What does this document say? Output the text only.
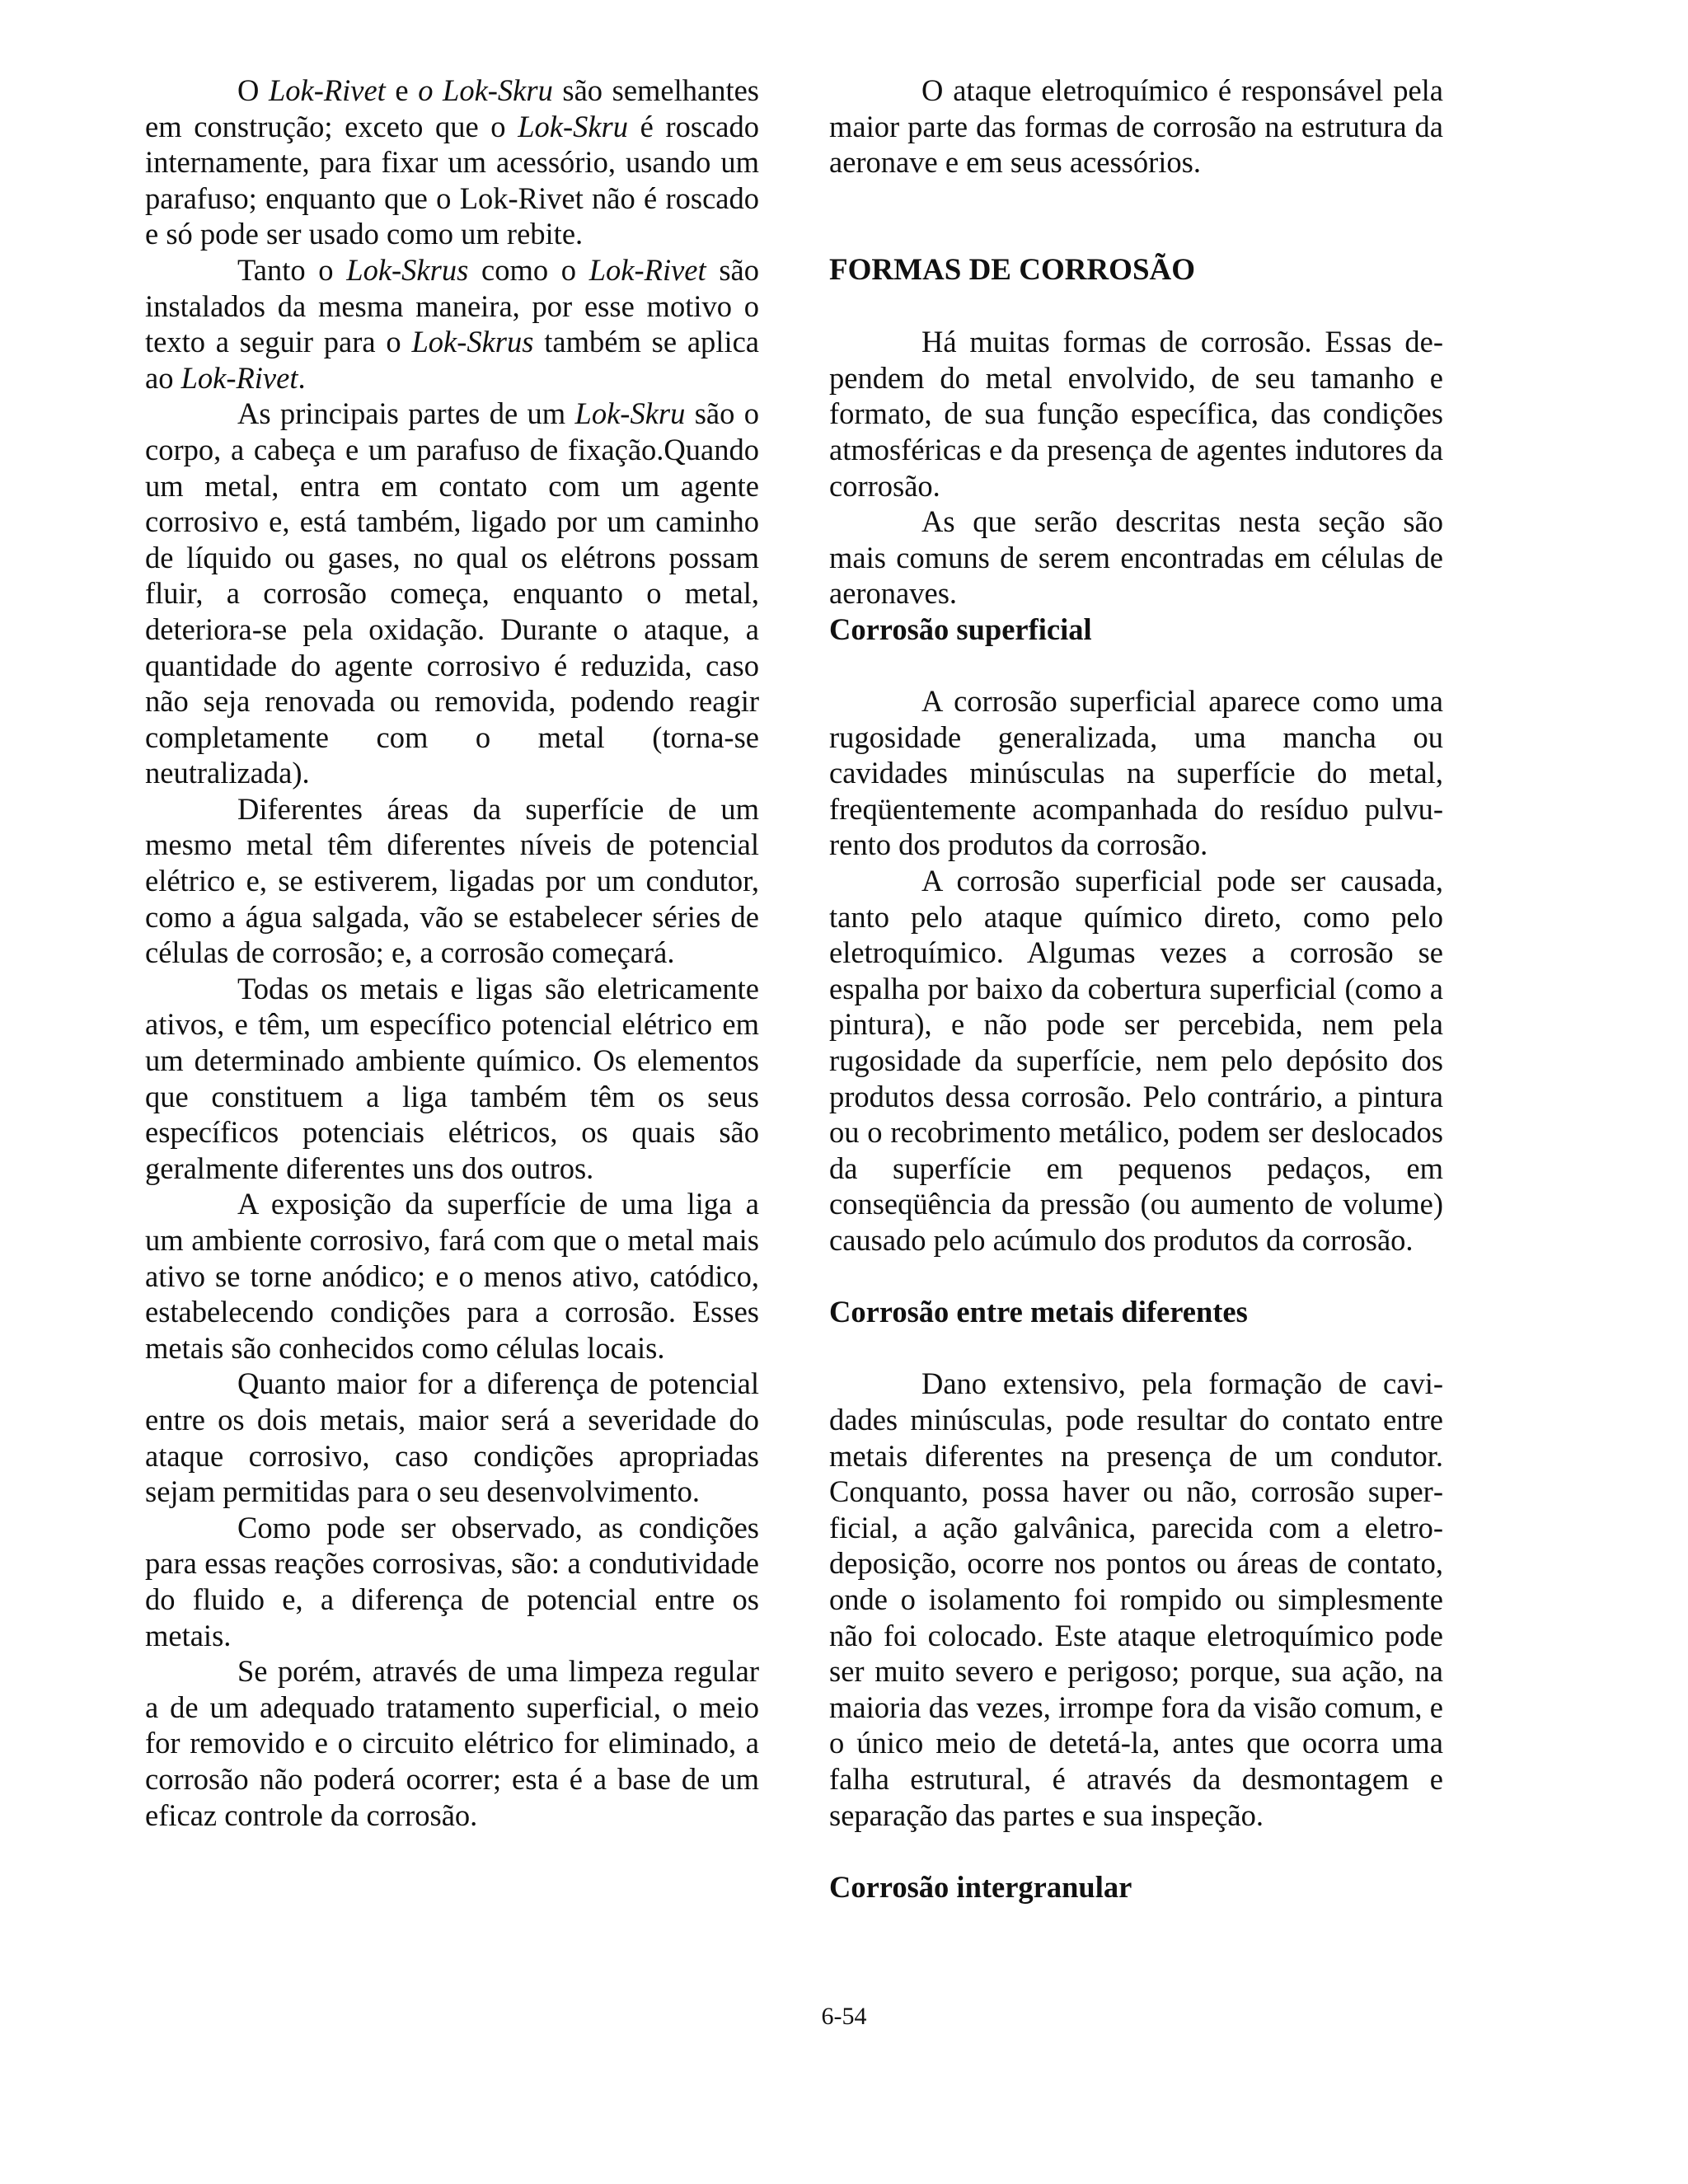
O Lok-Rivet e o Lok-Skru são semelhantes em construção; exceto que o Lok-Skru é roscado internamente, para fixar um acessório, usando um parafuso; enquanto que o Lok-Rivet não é roscado e só pode ser usado como um rebite.

Tanto o Lok-Skrus como o Lok-Rivet são instalados da mesma maneira, por esse motivo o texto a seguir para o Lok-Skrus também se aplica ao Lok-Rivet.

As principais partes de um Lok-Skru são o corpo, a cabeça e um parafuso de fixação.Quando um metal, entra em contato com um agente corrosivo e, está também, ligado por um caminho de líquido ou gases, no qual os elétrons possam fluir, a corrosão começa, enquanto o metal, deteriora-se pela oxidação. Durante o ataque, a quantidade do agente corrosivo é reduzida, caso não seja renovada ou removida, podendo reagir completamente com o metal (torna-se neutralizada).

Diferentes áreas da superfície de um mesmo metal têm diferentes níveis de potencial elétrico e, se estiverem, ligadas por um condutor, como a água salgada, vão se estabelecer séries de células de corrosão; e, a corrosão começará.

Todas os metais e ligas são eletricamente ativos, e têm, um específico potencial elétrico em um determinado ambiente químico. Os elementos que constituem a liga também têm os seus específicos potenciais elétricos, os quais são geralmente diferentes uns dos outros.

A exposição da superfície de uma liga a um ambiente corrosivo, fará com que o metal mais ativo se torne anódico; e o menos ativo, catódico, estabelecendo condições para a corrosão. Esses metais são conhecidos como células locais.

Quanto maior for a diferença de potencial entre os dois metais, maior será a severidade do ataque corrosivo, caso condições apropriadas sejam permitidas para o seu desenvolvimento.

Como pode ser observado, as condições para essas reações corrosivas, são: a condutividade do fluido e, a diferença de potencial entre os metais.

Se porém, através de uma limpeza regular a de um adequado tratamento superficial, o meio for removido e o circuito elétrico for eliminado, a corrosão não poderá ocorrer; esta é a base de um eficaz controle da corrosão.

O ataque eletroquímico é responsável pela maior parte das formas de corrosão na estrutura da aeronave e em seus acessórios.

FORMAS DE CORROSÃO

Há muitas formas de corrosão. Essas dependem do metal envolvido, de seu tamanho e formato, de sua função específica, das condições atmosféricas e da presença de agentes indutores da corrosão.

As que serão descritas nesta seção são mais comuns de serem encontradas em células de aeronaves.

Corrosão superficial

A corrosão superficial aparece como uma rugosidade generalizada, uma mancha ou cavidades minúsculas na superfície do metal, freqüentemente acompanhada do resíduo pulvurento dos produtos da corrosão.

A corrosão superficial pode ser causada, tanto pelo ataque químico direto, como pelo eletroquímico. Algumas vezes a corrosão se espalha por baixo da cobertura superficial (como a pintura), e não pode ser percebida, nem pela rugosidade da superfície, nem pelo depósito dos produtos dessa corrosão. Pelo contrário, a pintura ou o recobrimento metálico, podem ser deslocados da superfície em pequenos pedaços, em conseqüência da pressão (ou aumento de volume) causado pelo acúmulo dos produtos da corrosão.

Corrosão entre metais diferentes

Dano extensivo, pela formação de cavidades minúsculas, pode resultar do contato entre metais diferentes na presença de um condutor. Conquanto, possa haver ou não, corrosão superficial, a ação galvânica, parecida com a eletrodeposição, ocorre nos pontos ou áreas de contato, onde o isolamento foi rompido ou simplesmente não foi colocado. Este ataque eletroquímico pode ser muito severo e perigoso; porque, sua ação, na maioria das vezes, irrompe fora da visão comum, e o único meio de detetá-la, antes que ocorra uma falha estrutural, é através da desmontagem e separação das partes e sua inspeção.

Corrosão intergranular
6-54
